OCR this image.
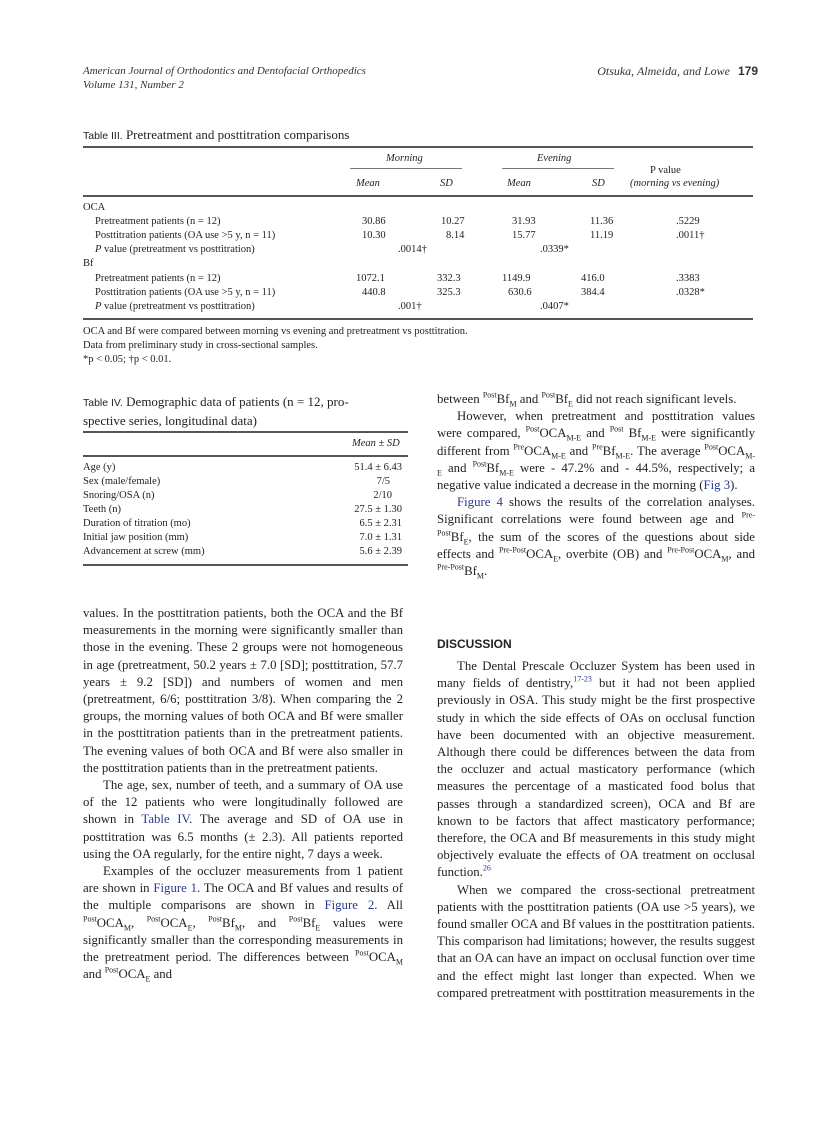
American Journal of Orthodontics and Dentofacial Orthopedics
Volume 131, Number 2
Otsuka, Almeida, and Lowe 179
Table III. Pretreatment and posttitration comparisons
Morning	Evening
P value
(morning vs evening)
Mean	SD	Mean	SD
OCA
Pretreatment patients (n = 12)	30.86	10.27	31.93	11.36	.5229
Posttitration patients (OA use >5 y, n = 11)	10.30	8.14	15.77	11.19	.0011†
P value (pretreatment vs posttitration)	.0014†	.0339*
Bf
Pretreatment patients (n = 12)	1072.1	332.3	1149.9	416.0	.3383
Posttitration patients (OA use >5 y, n = 11)	440.8	325.3	630.6	384.4	.0328*
P value (pretreatment vs posttitration)	.001†	.0407*
OCA and Bf were compared between morning vs evening and pretreatment vs posttitration.
Data from preliminary study in cross-sectional samples.
*p < 0.05; †p < 0.01.
Table IV. Demographic data of patients (n = 12, pro-
spective series, longitudinal data)
Mean ± SD
Age (y)	51.4 ± 6.43
Sex (male/female)	7/5
Snoring/OSA (n)	2/10
Teeth (n)	27.5 ± 1.30
Duration of titration (mo)	6.5 ± 2.31
Initial jaw position (mm)	7.0 ± 1.31
Advancement at screw (mm)	5.6 ± 2.39

values. In the posttitration patients, both the OCA and the Bf measurements in the morning were significantly smaller than those in the evening. These 2 groups were not homogeneous in age (pretreatment, 50.2 years ± 7.0 [SD]; posttitration, 57.7 years ± 9.2 [SD]) and numbers of women and men (pretreatment, 6/6; posttitration 3/8). When comparing the 2 groups, the morning values of both OCA and Bf were smaller in the posttitration patients than in the pretreatment patients. The evening values of both OCA and Bf were also smaller in the posttitration patients than in the pretreatment patients.

The age, sex, number of teeth, and a summary of OA use of the 12 patients who were longitudinally followed are shown in Table IV. The average and SD of OA use in posttitration was 6.5 months (± 2.3). All patients reported using the OA regularly, for the entire night, 7 days a week.

Examples of the occluzer measurements from 1 patient are shown in Figure 1. The OCA and Bf values and results of the multiple comparisons are shown in Figure 2. All $^{Post}OCA_M$, $^{Post}OCA_E$, $^{Post}Bf_M$, and $^{Post}Bf_E$ values were significantly smaller than the corresponding measurements in the pretreatment period. The differences between $^{Post}OCA_M$ and $^{Post}OCA_E$ and

between $^{Post}Bf_M$ and $^{Post}Bf_E$ did not reach significant levels.

However, when pretreatment and posttitration values were compared, $^{Post}OCA_{M-E}$ and $^{Post}$ $Bf_{M-E}$ were significantly different from $^{Pre}OCA_{M-E}$ and $^{Pre}Bf_{M-E}$. The average $^{Post}OCA_{M-E}$ and $^{Post}Bf_{M-E}$ were - 47.2% and - 44.5%, respectively; a negative value indicated a decrease in the morning (Fig 3).

Figure 4 shows the results of the correlation analyses. Significant correlations were found between age and $^{Pre-Post}Bf_E$, the sum of the scores of the questions about side effects and $^{Pre-Post}OCA_E$, overbite (OB) and $^{Pre-Post}OCA_M$, and $^{Pre-Post}Bf_M$.

DISCUSSION

The Dental Prescale Occluzer System has been used in many fields of dentistry,$^{17-23}$ but it had not been applied previously in OSA. This study might be the first prospective study in which the side effects of OAs on occlusal function have been documented with an objective measurement. Although there could be differences between the data from the occluzer and actual masticatory performance (which measures the percentage of a masticated food bolus that passes through a standardized screen), OCA and Bf are known to be factors that affect masticatory performance; therefore, the OCA and Bf measurements in this study might objectively evaluate the effects of OA treatment on occlusal function.$^{26}$

When we compared the cross-sectional pretreatment patients with the posttitration patients (OA use >5 years), we found smaller OCA and Bf values in the posttitration patients. This comparison had limitations; however, the results suggest that an OA can have an impact on occlusal function over time and the effect might last longer than expected. When we compared pretreatment with posttitration measurements in the
